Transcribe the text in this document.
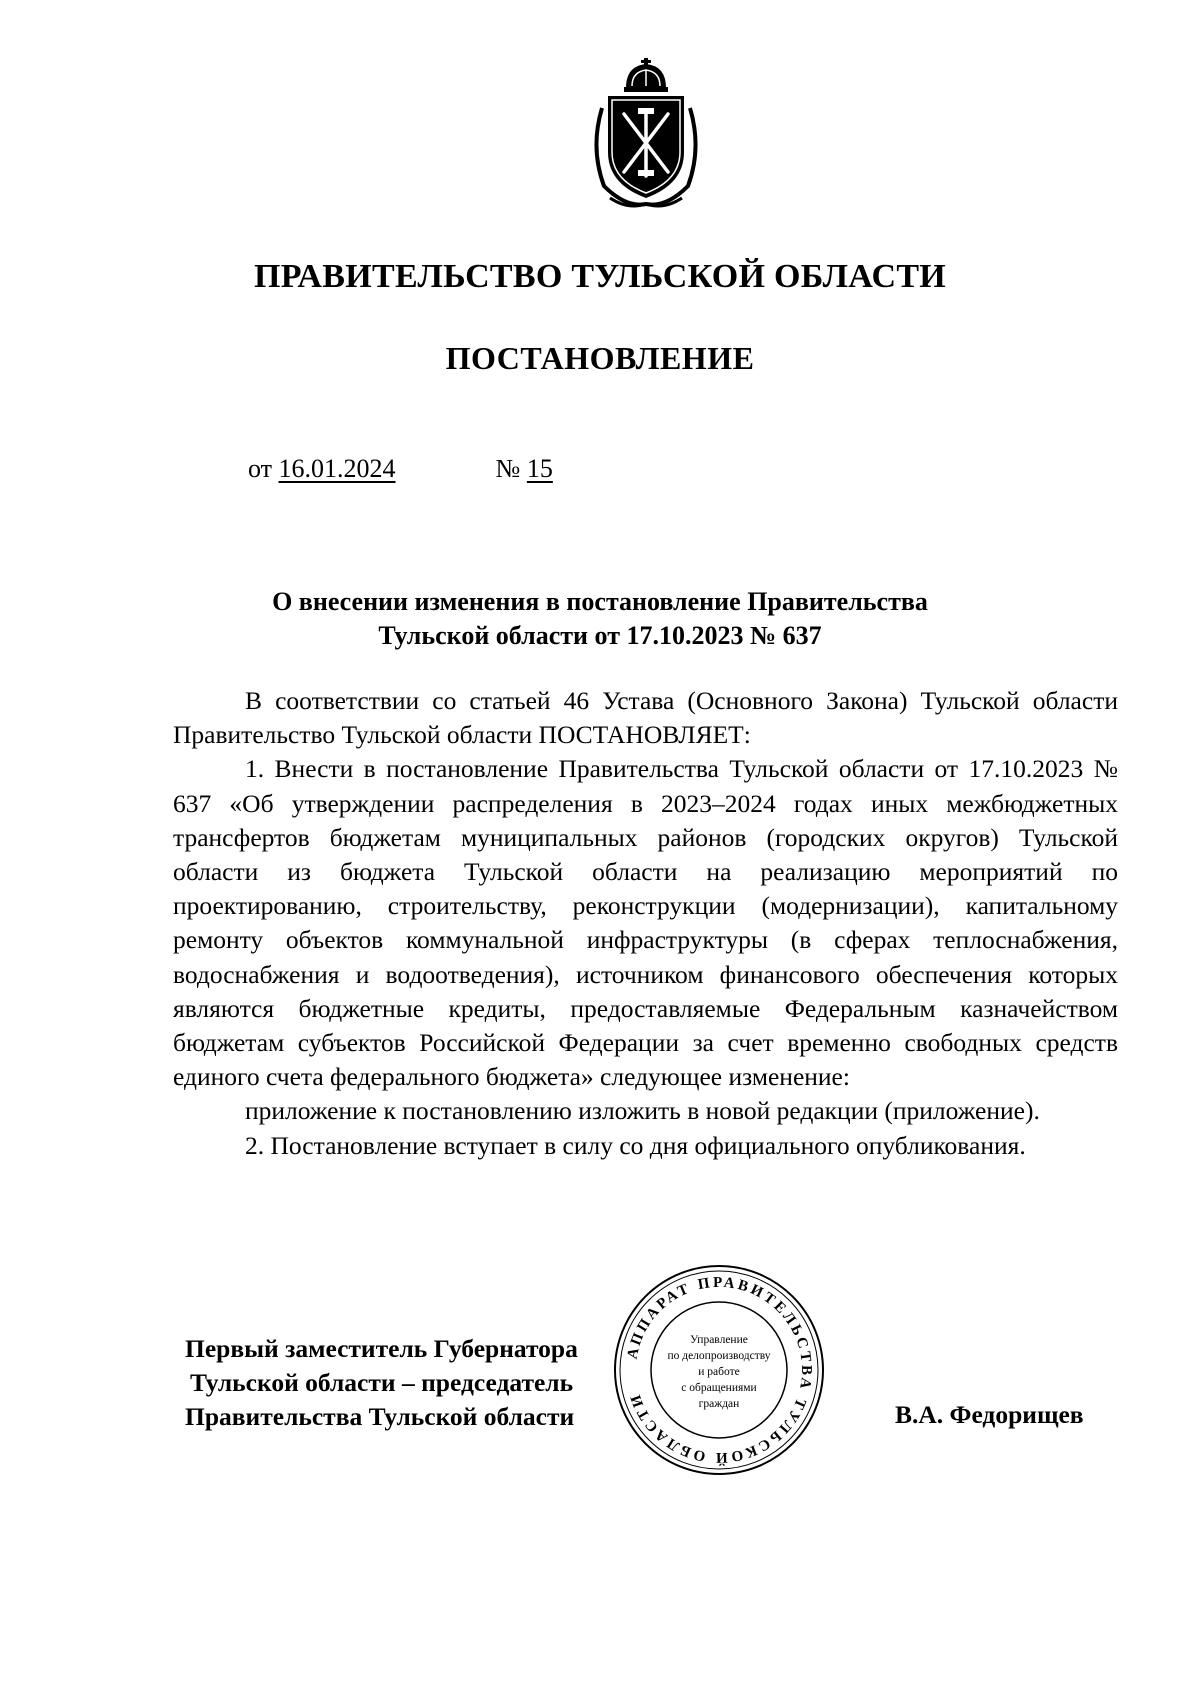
ПРАВИТЕЛЬСТВО ТУЛЬСКОЙ ОБЛАСТИ
ПОСТАНОВЛЕНИЕ
от 16.01.2024	№ 15
О внесении изменения в постановление Правительства
Тульской области от 17.10.2023 № 637

В соответствии со статьей 46 Устава (Основного Закона) Тульской области Правительство Тульской области ПОСТАНОВЛЯЕТ:

1. Внести в постановление Правительства Тульской области от 17.10.2023 № 637 «Об утверждении распределения в 2023–2024 годах иных межбюджетных трансфертов бюджетам муниципальных районов (городских округов) Тульской области из бюджета Тульской области на реализацию мероприятий по проектированию, строительству, реконструкции (модернизации), капитальному ремонту объектов коммунальной инфраструктуры (в сферах теплоснабжения, водоснабжения и водоотведения), источником финансового обеспечения которых являются бюджетные кредиты, предоставляемые Федеральным казначейством бюджетам субъектов Российской Федерации за счет временно свободных средств единого счета федерального бюджета» следующее изменение:

приложение к постановлению изложить в новой редакции (приложение).

2. Постановление вступает в силу со дня официального опубликования.

Первый заместитель Губернатора
Тульской области – председатель
Правительства Тульской области	В.А. Федорищев
АППАРАТ ПРАВИТЕЛЬСТВА ТУЛЬСКОЙ ОБЛАСТИ
Управление
по делопроизводству
и работе
с обращениями
граждан
